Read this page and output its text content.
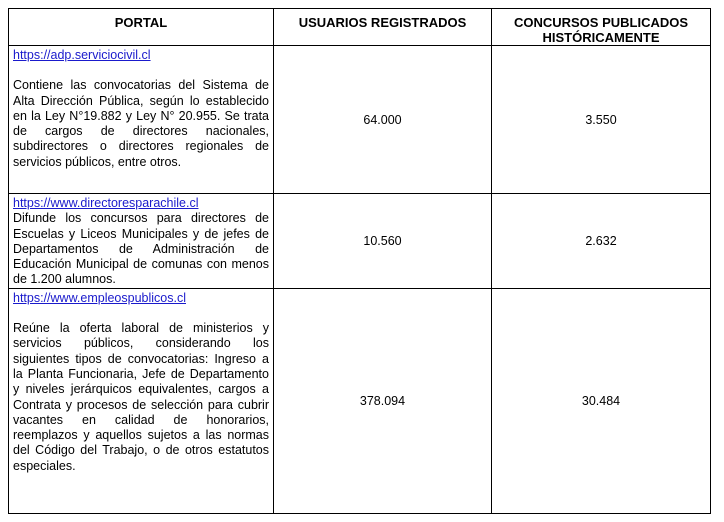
PORTAL	USUARIOS REGISTRADOS	CONCURSOS PUBLICADOS
HISTÓRICAMENTE

https://adp.serviciocivil.cl

Contiene las convocatorias del Sistema de Alta Dirección Pública, según lo establecido en la Ley N°19.882 y Ley N° 20.955. Se trata de cargos de directores nacionales, subdirectores o directores regionales de servicios públicos, entre otros.	64.000	3.550

https://www.directoresparachile.cl

Difunde los concursos para directores de Escuelas y Liceos Municipales y de jefes de Departamentos de Administración de Educación Municipal de comunas con menos de 1.200 alumnos.	10.560	2.632

https://www.empleospublicos.cl

Reúne la oferta laboral de ministerios y servicios públicos, considerando los siguientes tipos de convocatorias: Ingreso a la Planta Funcionaria, Jefe de Departamento y niveles jerárquicos equivalentes, cargos a Contrata y procesos de selección para cubrir vacantes en calidad de honorarios, reemplazos y aquellos sujetos a las normas del Código del Trabajo, o de otros estatutos especiales.	378.094	30.484
